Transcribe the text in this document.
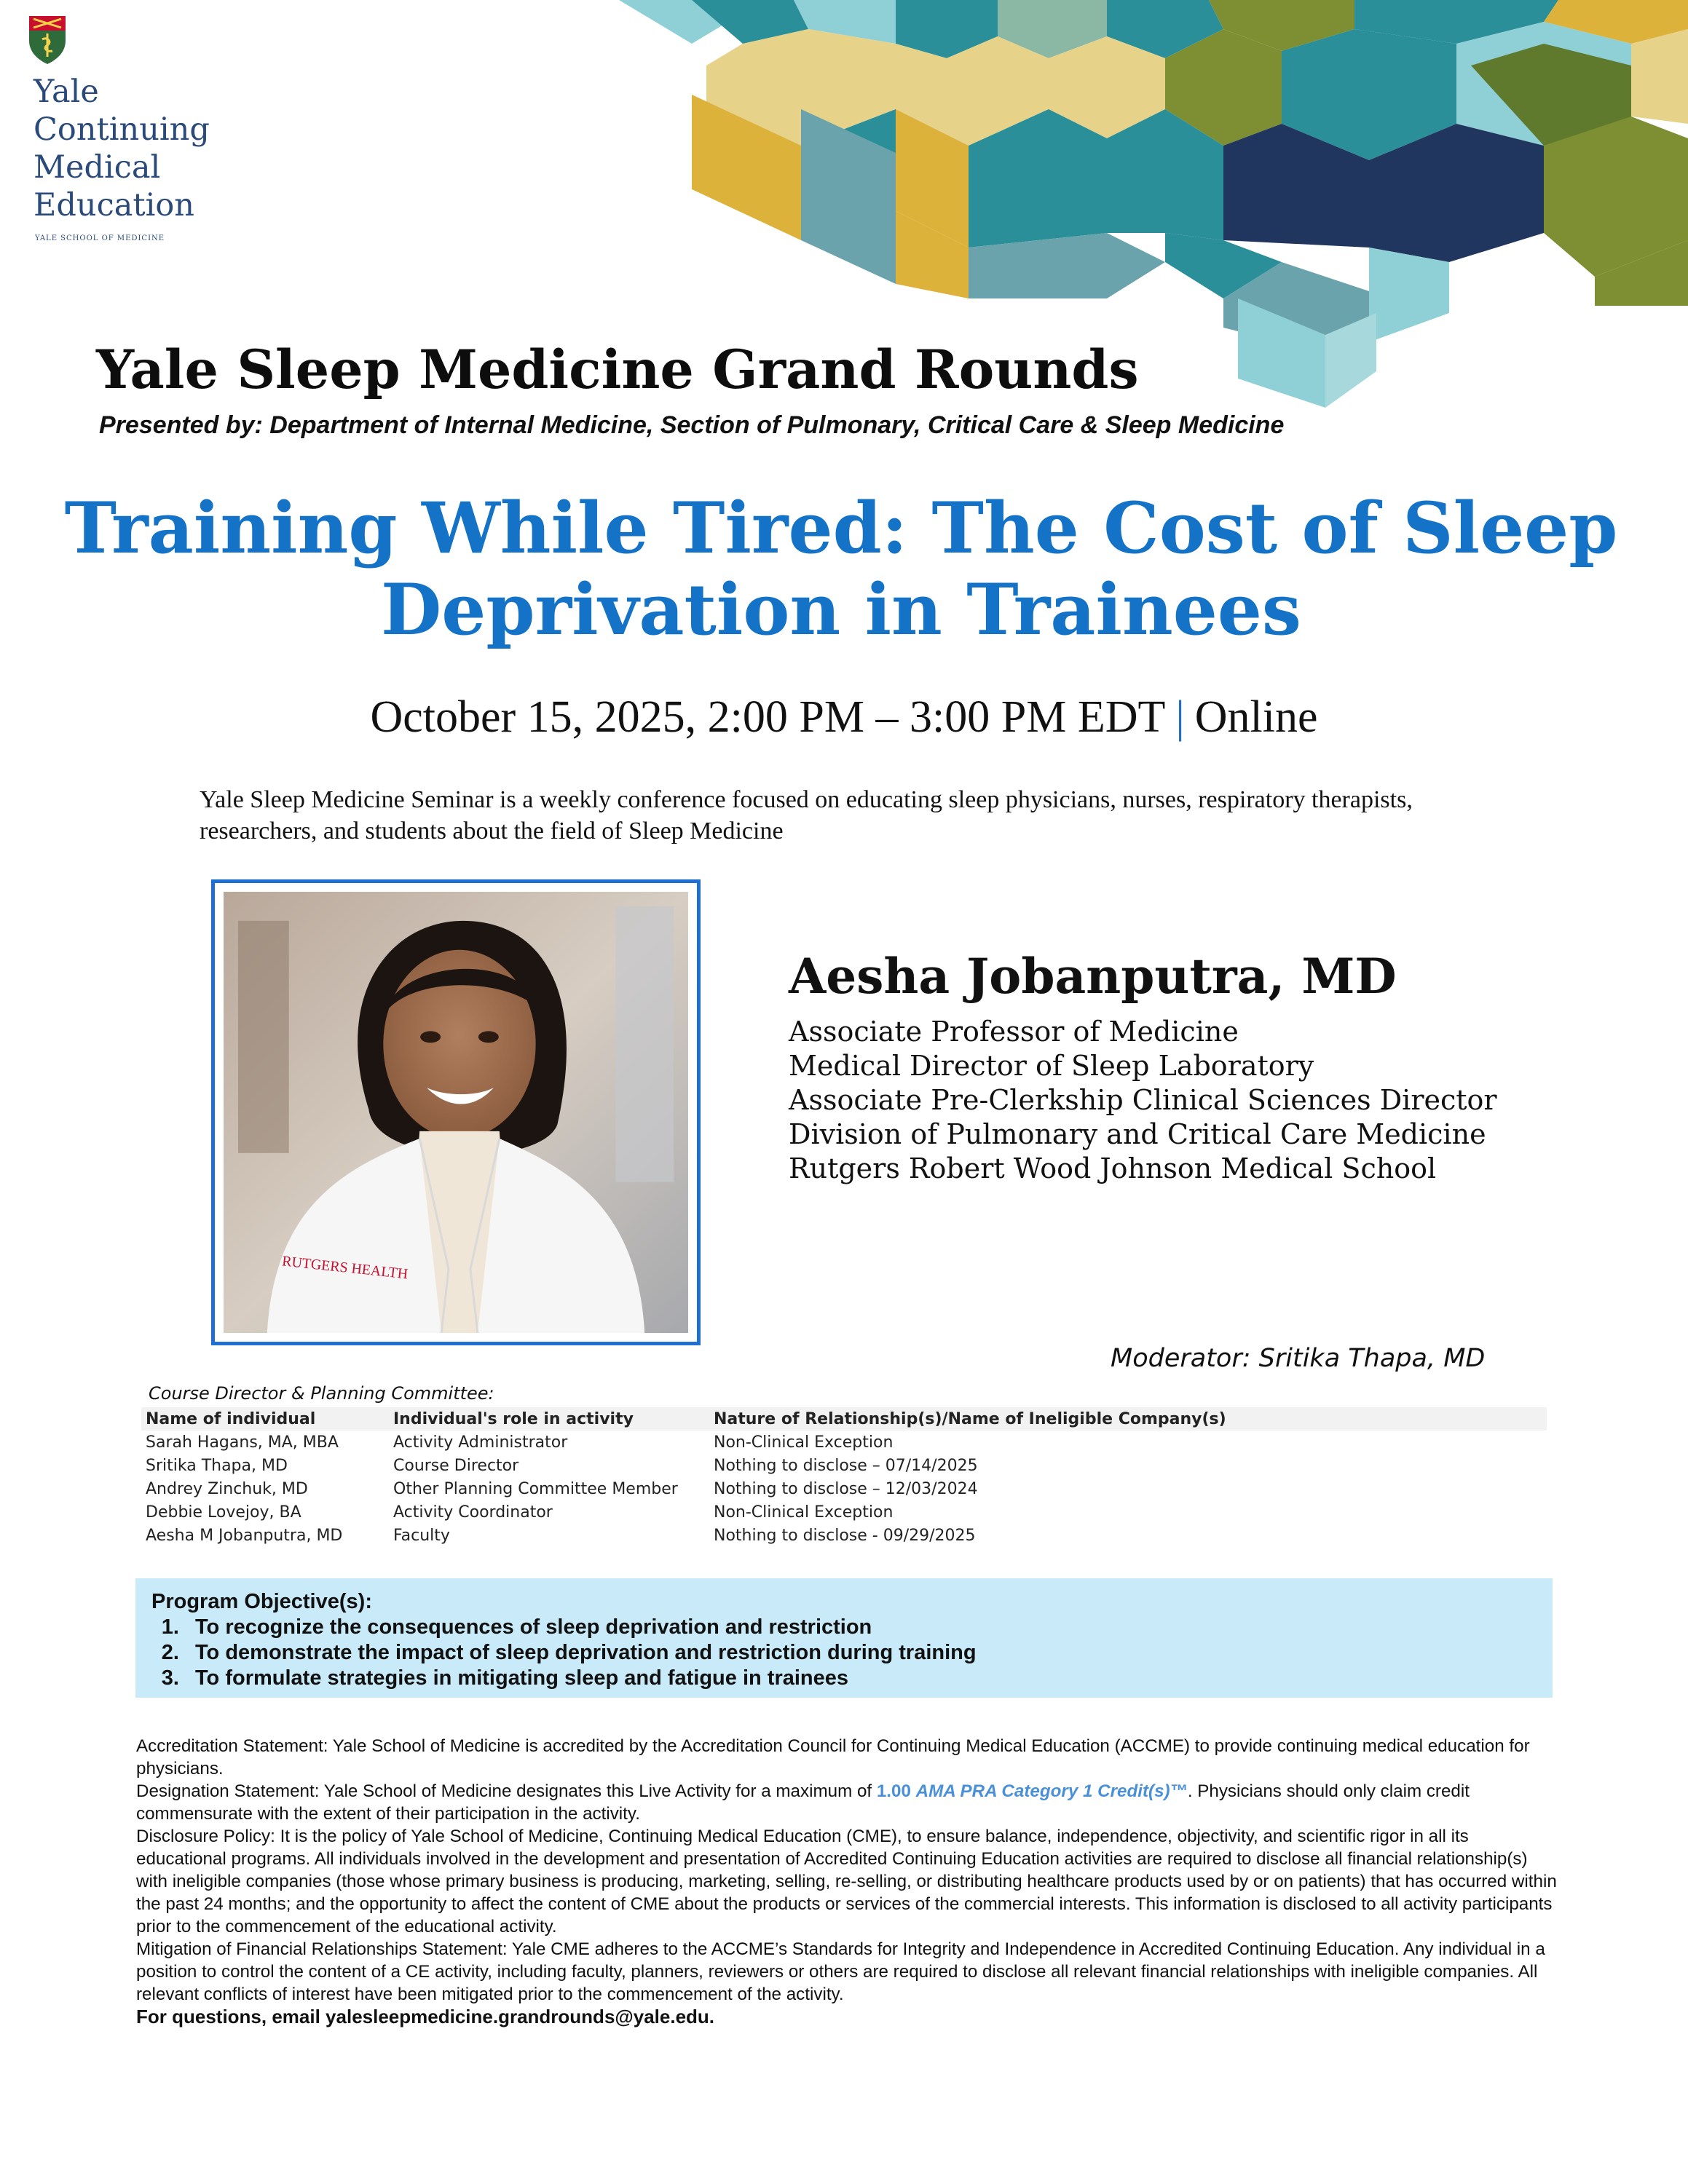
Yale
Continuing
Medical
Education
YALE SCHOOL OF MEDICINE
Yale Sleep Medicine Grand Rounds
Presented by: Department of Internal Medicine, Section of Pulmonary, Critical Care & Sleep Medicine
Training While Tired: The Cost of Sleep
Deprivation in Trainees
October 15, 2025, 2:00 PM – 3:00 PM EDT | Online
Yale Sleep Medicine Seminar is a weekly conference focused on educating sleep physicians, nurses, respiratory therapists, researchers, and students about the field of Sleep Medicine
RUTGERS HEALTH
Aesha Jobanputra, MD
Associate Professor of Medicine
Medical Director of Sleep Laboratory
Associate Pre-Clerkship Clinical Sciences Director
Division of Pulmonary and Critical Care Medicine
Rutgers Robert Wood Johnson Medical School
Moderator: Sritika Thapa, MD
Course Director & Planning Committee:
Name of individual	Individual's role in activity	Nature of Relationship(s)/Name of Ineligible Company(s)
Sarah Hagans, MA, MBA	Activity Administrator	Non-Clinical Exception
Sritika Thapa, MD	Course Director	Nothing to disclose – 07/14/2025
Andrey Zinchuk, MD	Other Planning Committee Member	Nothing to disclose – 12/03/2024
Debbie Lovejoy, BA	Activity Coordinator	Non-Clinical Exception
Aesha M Jobanputra, MD	Faculty	Nothing to disclose - 09/29/2025
Program Objective(s):
1. To recognize the consequences of sleep deprivation and restriction
2. To demonstrate the impact of sleep deprivation and restriction during training
3. To formulate strategies in mitigating sleep and fatigue in trainees

Accreditation Statement: Yale School of Medicine is accredited by the Accreditation Council for Continuing Medical Education (ACCME) to provide continuing medical education for physicians.

Designation Statement: Yale School of Medicine designates this Live Activity for a maximum of 1.00 AMA PRA Category 1 Credit(s)™. Physicians should only claim credit commensurate with the extent of their participation in the activity.

Disclosure Policy: It is the policy of Yale School of Medicine, Continuing Medical Education (CME), to ensure balance, independence, objectivity, and scientific rigor in all its educational programs. All individuals involved in the development and presentation of Accredited Continuing Education activities are required to disclose all financial relationship(s) with ineligible companies (those whose primary business is producing, marketing, selling, re-selling, or distributing healthcare products used by or on patients) that has occurred within the past 24 months; and the opportunity to affect the content of CME about the products or services of the commercial interests. This information is disclosed to all activity participants prior to the commencement of the educational activity.

Mitigation of Financial Relationships Statement: Yale CME adheres to the ACCME’s Standards for Integrity and Independence in Accredited Continuing Education. Any individual in a position to control the content of a CE activity, including faculty, planners, reviewers or others are required to disclose all relevant financial relationships with ineligible companies. All relevant conflicts of interest have been mitigated prior to the commencement of the activity.

For questions, email yalesleepmedicine.grandrounds@yale.edu.
